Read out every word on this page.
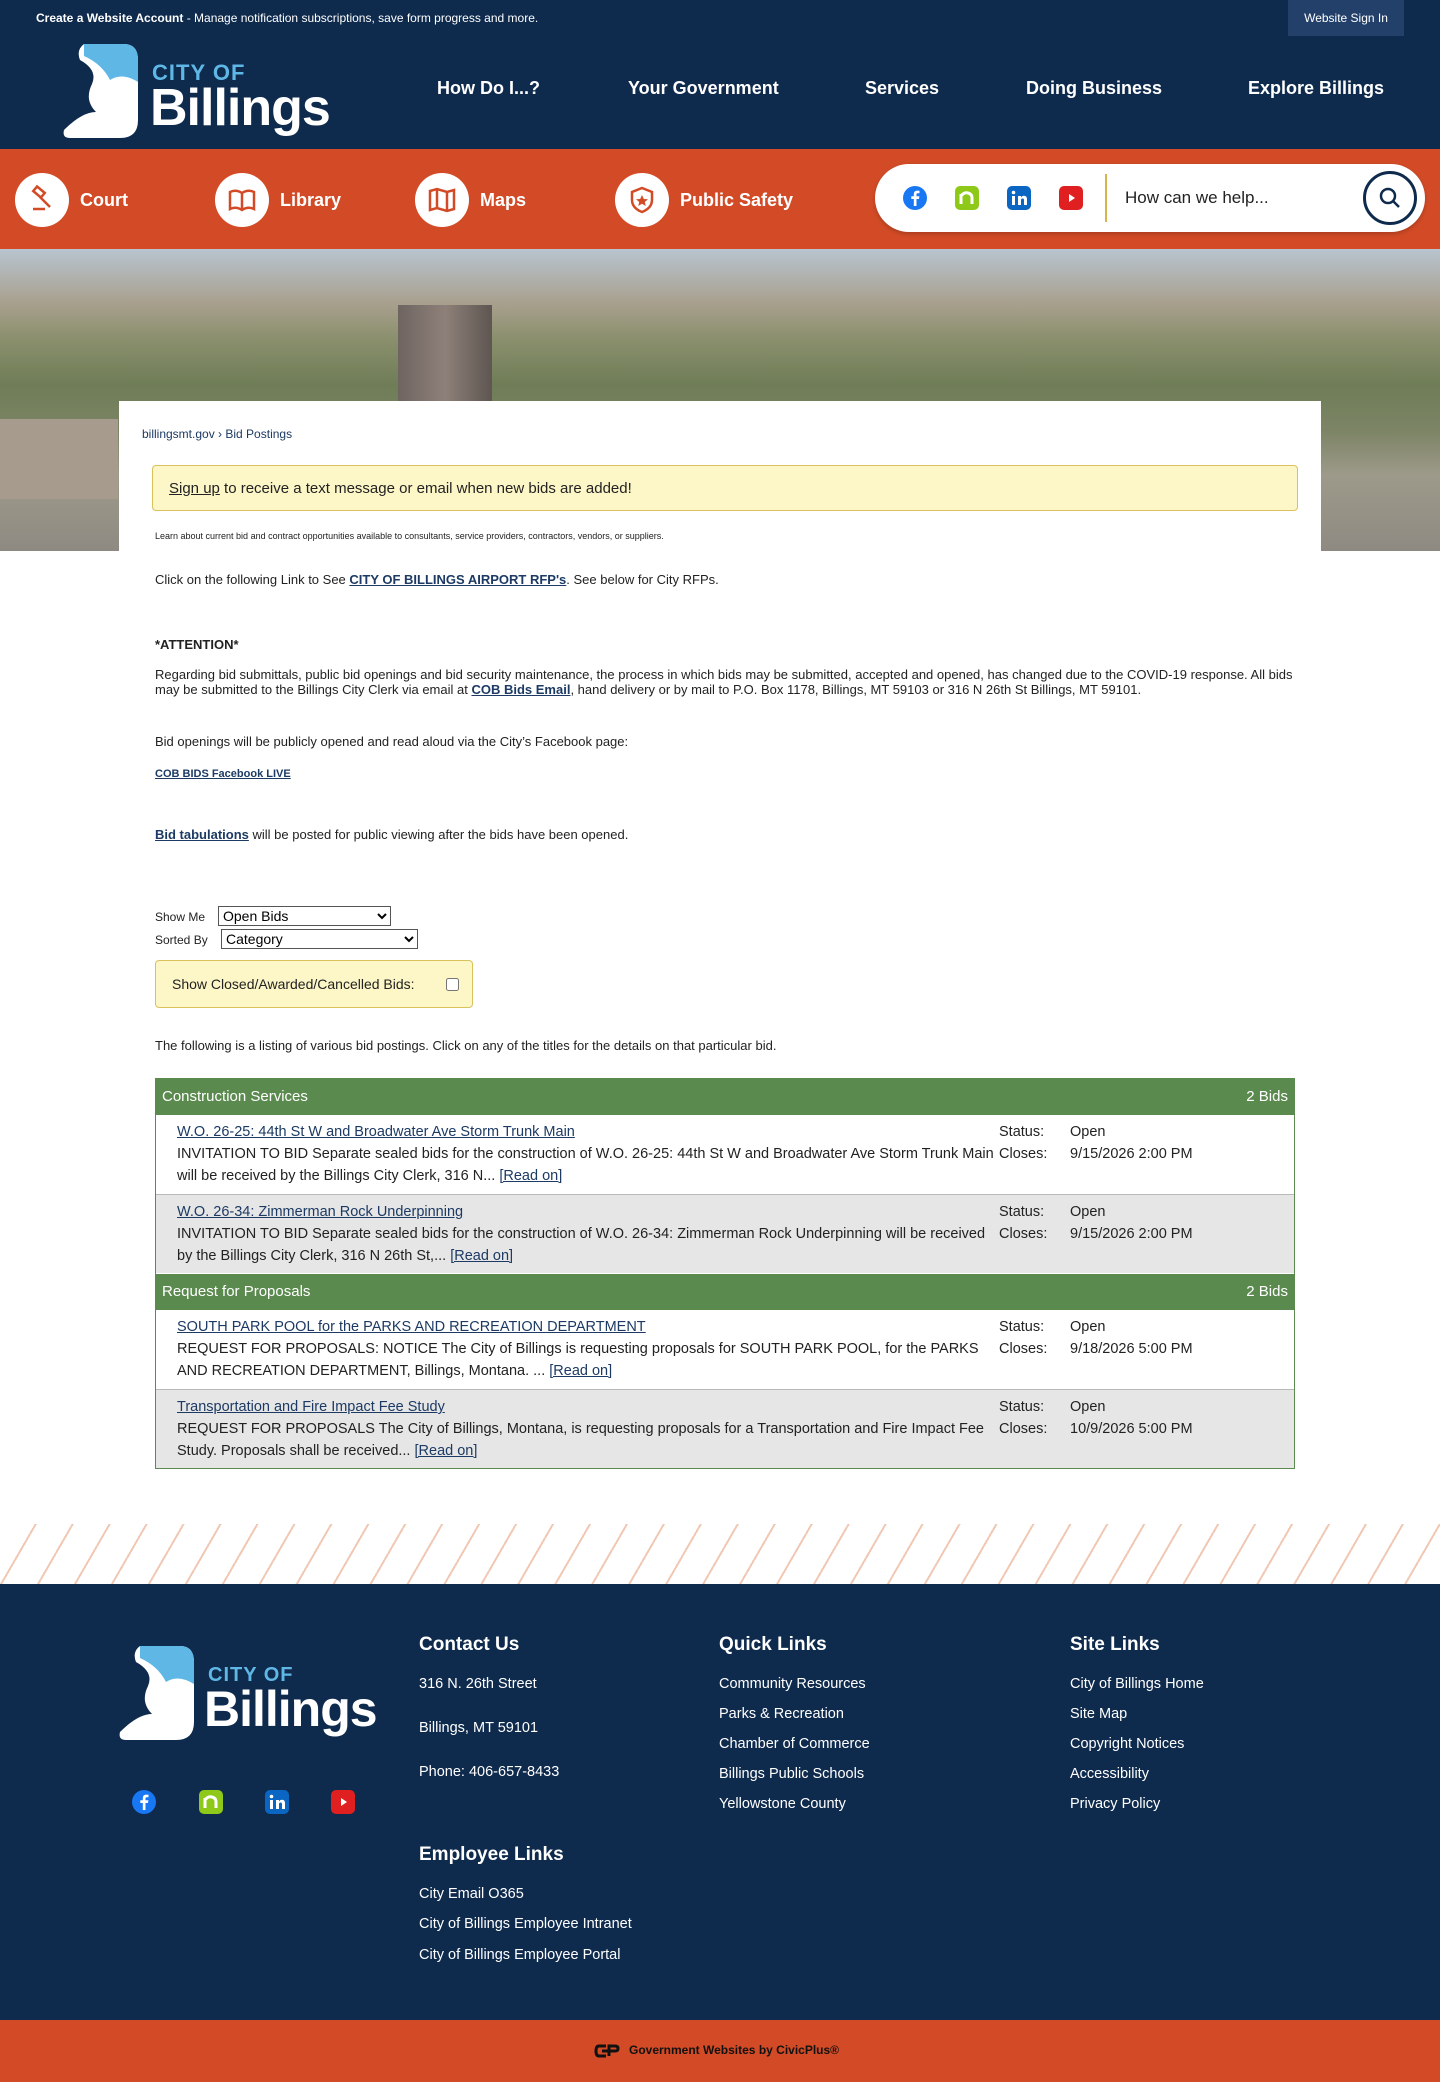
Create a Website Account - Manage notification subscriptions, save form progress and more.	Website Sign In
CITY OF
Billings	How Do I...?	Your Government	Services	Doing Business	Explore Billings
Court	Library	Maps	Public Safety
How can we help...
billingsmt.gov › Bid Postings
Sign up to receive a text message or email when new bids are added!
Learn about current bid and contract opportunities available to consultants, service providers, contractors, vendors, or suppliers.
Click on the following Link to See CITY OF BILLINGS AIRPORT RFP's. See below for City RFPs.
*ATTENTION*
Regarding bid submittals, public bid openings and bid security maintenance, the process in which bids may be submitted, accepted and opened, has changed due to the COVID-19 response. All bids may be submitted to the Billings City Clerk via email at COB Bids Email, hand delivery or by mail to P.O. Box 1178, Billings, MT 59103 or 316 N 26th St Billings, MT 59101.
Bid openings will be publicly opened and read aloud via the City’s Facebook page:
COB BIDS Facebook LIVE
Bid tabulations will be posted for public viewing after the bids have been opened.
Show Me
Open Bids
Sorted By
Category
Show Closed/Awarded/Cancelled Bids:
The following is a listing of various bid postings. Click on any of the titles for the details on that particular bid.
Construction Services	2 Bids
W.O. 26-25: 44th St W and Broadwater Ave Storm Trunk Main
INVITATION TO BID Separate sealed bids for the construction of W.O. 26-25: 44th St W and Broadwater Ave Storm Trunk Main will be received by the Billings City Clerk, 316 N... [Read on]
Status: Open
Closes: 9/15/2026 2:00 PM
W.O. 26-34: Zimmerman Rock Underpinning
INVITATION TO BID Separate sealed bids for the construction of W.O. 26-34: Zimmerman Rock Underpinning will be received by the Billings City Clerk, 316 N 26th St,... [Read on]
Status: Open
Closes: 9/15/2026 2:00 PM
Request for Proposals	2 Bids
SOUTH PARK POOL for the PARKS AND RECREATION DEPARTMENT
REQUEST FOR PROPOSALS: NOTICE The City of Billings is requesting proposals for SOUTH PARK POOL, for the PARKS AND RECREATION DEPARTMENT, Billings, Montana. ... [Read on]
Status: Open
Closes: 9/18/2026 5:00 PM
Transportation and Fire Impact Fee Study
REQUEST FOR PROPOSALS The City of Billings, Montana, is requesting proposals for a Transportation and Fire Impact Fee Study. Proposals shall be received... [Read on]
Status: Open
Closes: 10/9/2026 5:00 PM
CITY OF
Billings
Contact Us
316 N. 26th Street
Billings, MT 59101
Phone: 406-657-8433
Quick Links
Community Resources
Parks & Recreation
Chamber of Commerce
Billings Public Schools
Yellowstone County
Site Links
City of Billings Home
Site Map
Copyright Notices
Accessibility
Privacy Policy
Employee Links
City Email O365
City of Billings Employee Intranet
City of Billings Employee Portal
Government Websites by CivicPlus®
